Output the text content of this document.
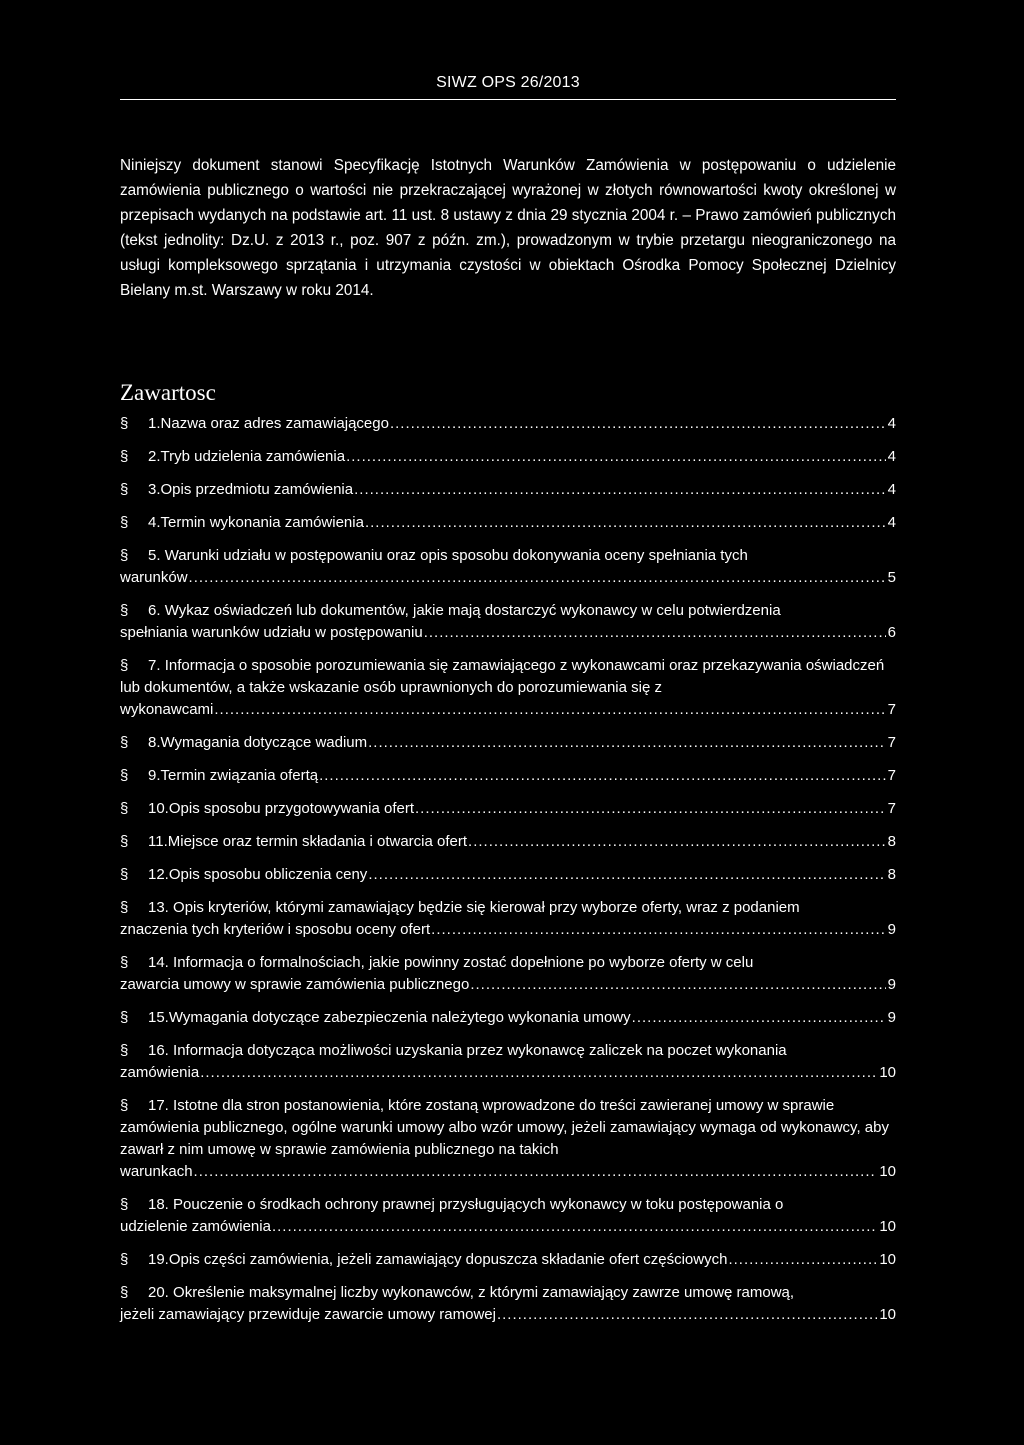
SIWZ OPS 26/2013
Niniejszy dokument stanowi Specyfikację Istotnych Warunków Zamówienia w postępowaniu o udzielenie zamówienia publicznego o wartości nie przekraczającej wyrażonej w złotych równowartości kwoty określonej w przepisach wydanych na podstawie art. 11 ust. 8 ustawy z dnia 29 stycznia 2004 r. – Prawo zamówień publicznych (tekst jednolity: Dz.U. z 2013 r., poz. 907 z późn. zm.), prowadzonym w trybie przetargu nieograniczonego na usługi kompleksowego sprzątania i utrzymania czystości w obiektach Ośrodka Pomocy Społecznej Dzielnicy Bielany m.st. Warszawy w roku 2014.
Zawartosc
§ 1. Nazwa oraz adres zamawiającego .....	4
§ 2. Tryb udzielenia zamówienia .....	4
§ 3. Opis przedmiotu zamówienia .....	4
§ 4. Termin wykonania zamówienia .....	4
§ 5. Warunki udziału w postępowaniu oraz opis sposobu dokonywania oceny spełniania tych
warunków .....	5
§ 6. Wykaz oświadczeń lub dokumentów, jakie mają dostarczyć wykonawcy w celu potwierdzenia
spełniania warunków udziału w postępowaniu .....	6
§ 7. Informacja o sposobie porozumiewania się zamawiającego z wykonawcami oraz przekazywania oświadczeń lub dokumentów, a także wskazanie osób uprawnionych do porozumiewania się z
wykonawcami .....	7
§ 8. Wymagania dotyczące wadium .....	7
§ 9. Termin związania ofertą .....	7
§ 10. Opis sposobu przygotowywania ofert .....	7
§ 11. Miejsce oraz termin składania i otwarcia ofert .....	8
§ 12. Opis sposobu obliczenia ceny .....	8
§ 13. Opis kryteriów, którymi zamawiający będzie się kierował przy wyborze oferty, wraz z podaniem
znaczenia tych kryteriów i sposobu oceny ofert .....	9
§ 14. Informacja o formalnościach, jakie powinny zostać dopełnione po wyborze oferty w celu
zawarcia umowy w sprawie zamówienia publicznego .....	9
§ 15. Wymagania dotyczące zabezpieczenia należytego wykonania umowy .....	9
§ 16. Informacja dotycząca możliwości uzyskania przez wykonawcę zaliczek na poczet wykonania
zamówienia .....	10
§ 17. Istotne dla stron postanowienia, które zostaną wprowadzone do treści zawieranej umowy w sprawie zamówienia publicznego, ogólne warunki umowy albo wzór umowy, jeżeli zamawiający wymaga od wykonawcy, aby zawarł z nim umowę w sprawie zamówienia publicznego na takich
warunkach .....	10
§ 18. Pouczenie o środkach ochrony prawnej przysługujących wykonawcy w toku postępowania o
udzielenie zamówienia .....	10
§ 19. Opis części zamówienia, jeżeli zamawiający dopuszcza składanie ofert częściowych .....	10
§ 20. Określenie maksymalnej liczby wykonawców, z którymi zamawiający zawrze umowę ramową,
jeżeli zamawiający przewiduje zawarcie umowy ramowej .....	10
